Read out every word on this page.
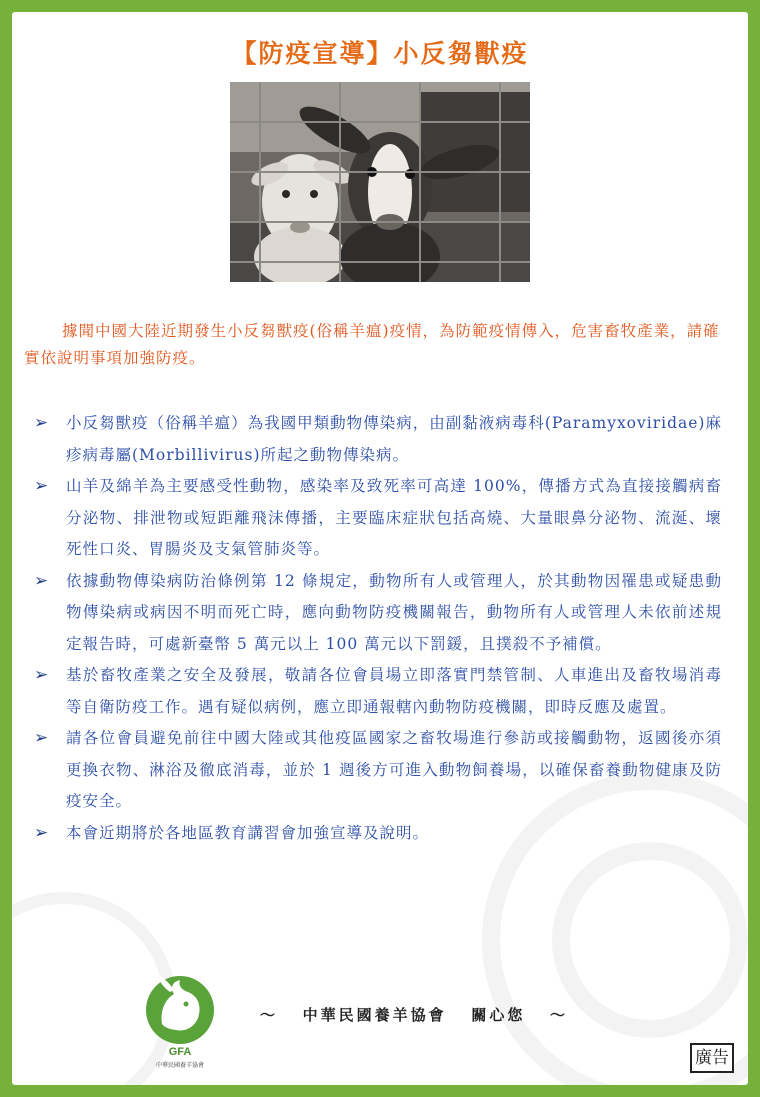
【防疫宣導】小反芻獸疫
據聞中國大陸近期發生小反芻獸疫(俗稱羊瘟)疫情，為防範疫情傳入，危害畜牧產業，請確實依說明事項加強防疫。
➢ 小反芻獸疫（俗稱羊瘟）為我國甲類動物傳染病，由副黏液病毒科(Paramyxoviridae)麻疹病毒屬(Morbillivirus)所起之動物傳染病。
➢ 山羊及綿羊為主要感受性動物，感染率及致死率可高達 100%，傳播方式為直接接觸病畜分泌物、排泄物或短距離飛沫傳播，主要臨床症狀包括高燒、大量眼鼻分泌物、流涎、壞死性口炎、胃腸炎及支氣管肺炎等。
➢ 依據動物傳染病防治條例第 12 條規定，動物所有人或管理人，於其動物因罹患或疑患動物傳染病或病因不明而死亡時，應向動物防疫機關報告，動物所有人或管理人未依前述規定報告時，可處新臺幣 5 萬元以上 100 萬元以下罰鍰，且撲殺不予補償。
➢ 基於畜牧產業之安全及發展，敬請各位會員場立即落實門禁管制、人車進出及畜牧場消毒等自衛防疫工作。遇有疑似病例，應立即通報轄內動物防疫機關，即時反應及處置。
➢ 請各位會員避免前往中國大陸或其他疫區國家之畜牧場進行參訪或接觸動物，返國後亦須更換衣物、淋浴及徹底消毒，並於 1 週後方可進入動物飼養場，以確保畜養動物健康及防疫安全。
➢ 本會近期將於各地區教育講習會加強宣導及說明。
GFA
中華民國養羊協會
～   中華民國養羊協會   關心您   ～
廣告
